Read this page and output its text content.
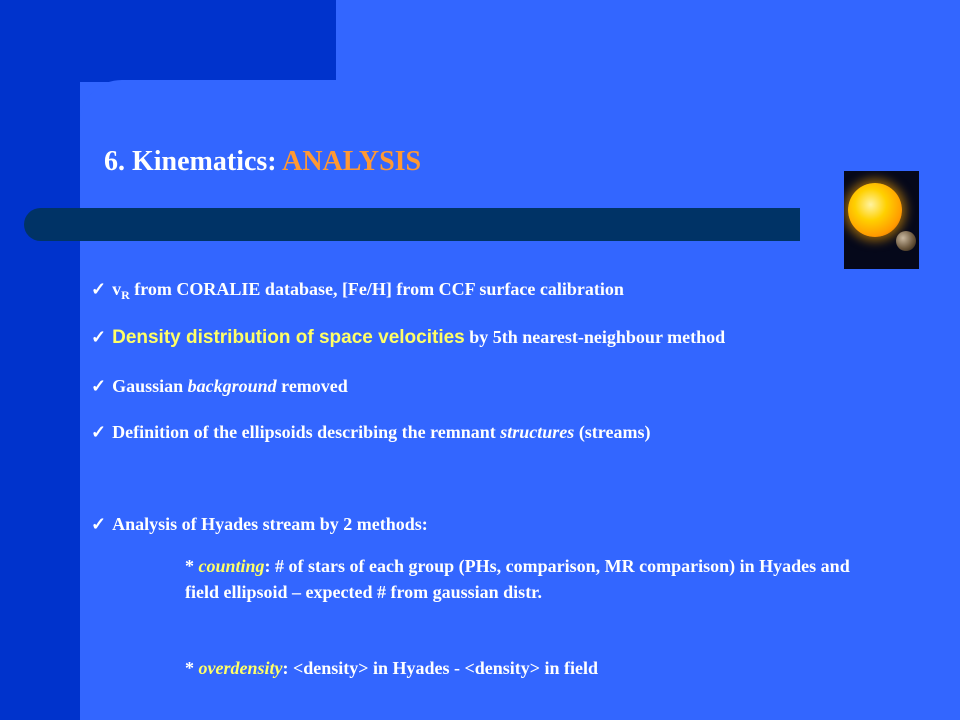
6. Kinematics: ANALYSIS

✓ $v_R$ from CORALIE database, [Fe/H] from CCF surface calibration

✓ Density distribution of space velocities by 5th nearest-neighbour method

✓ Gaussian background removed

✓ Definition of the ellipsoids describing the remnant structures (streams)

✓ Analysis of Hyades stream by 2 methods:

* counting: # of stars of each group (PHs, comparison, MR comparison) in Hyades and field ellipsoid – expected # from gaussian distr.

* overdensity: <density> in Hyades - <density> in field
